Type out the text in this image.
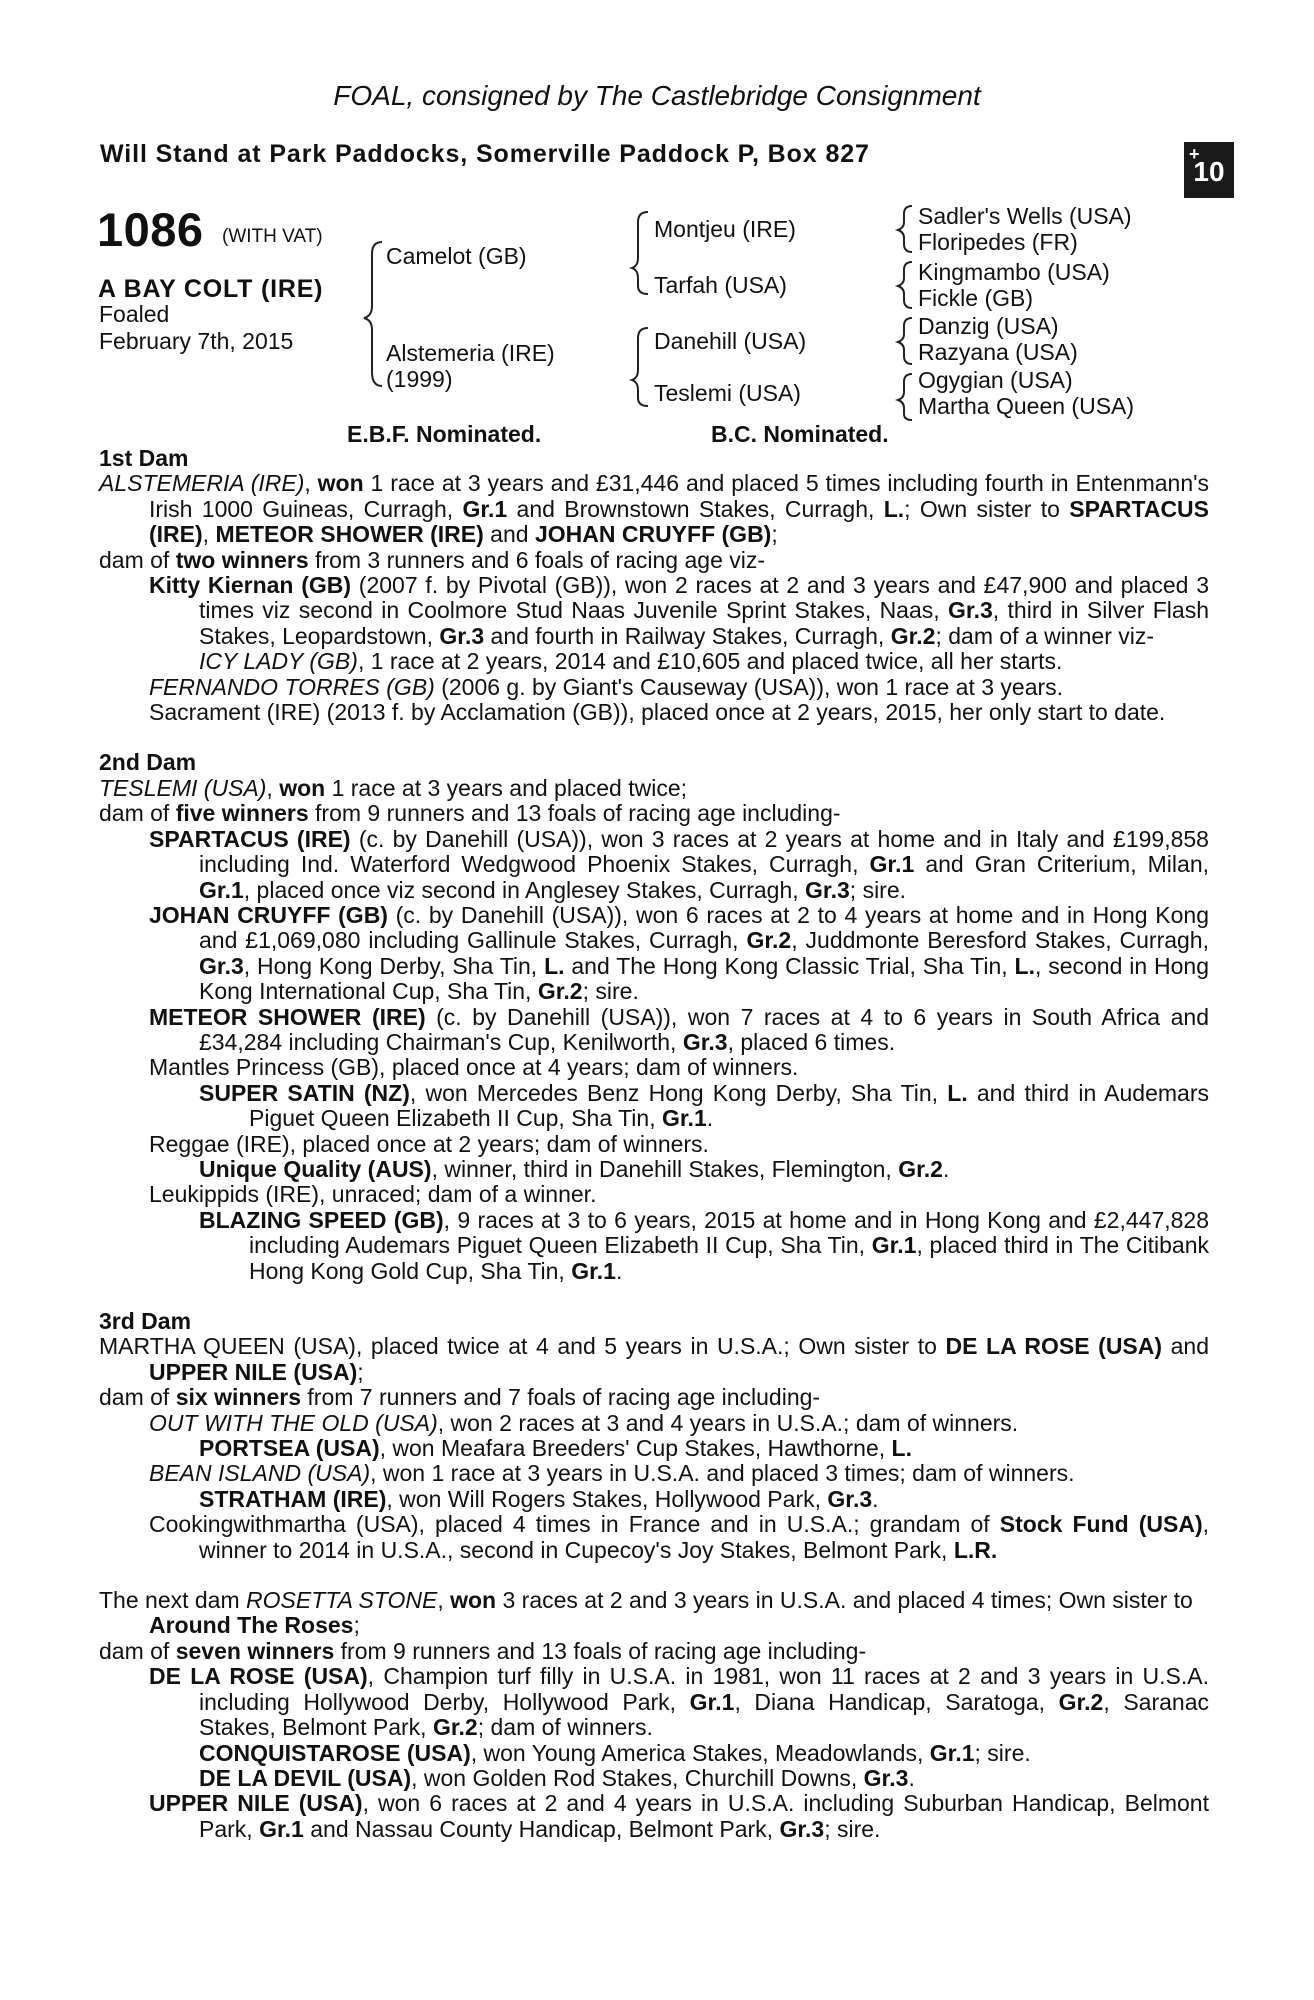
FOAL, consigned by The Castlebridge Consignment
Will Stand at Park Paddocks, Somerville Paddock P, Box 827	+
10
1086 (WITH VAT)
A BAY COLT (IRE)
Foaled
February 7th, 2015
Camelot (GB)
Alstemeria (IRE)
(1999)
Montjeu (IRE)
Tarfah (USA)
Danehill (USA)
Teslemi (USA)
Sadler's Wells (USA)
Floripedes (FR)
Kingmambo (USA)
Fickle (GB)
Danzig (USA)
Razyana (USA)
Ogygian (USA)
Martha Queen (USA)
E.B.F. Nominated.	B.C. Nominated.

1st Dam

ALSTEMERIA (IRE), won 1 race at 3 years and £31,446 and placed 5 times including fourth in Entenmann's Irish 1000 Guineas, Curragh, Gr.1 and Brownstown Stakes, Curragh, L.; Own sister to SPARTACUS (IRE), METEOR SHOWER (IRE) and JOHAN CRUYFF (GB);

dam of two winners from 3 runners and 6 foals of racing age viz-

Kitty Kiernan (GB) (2007 f. by Pivotal (GB)), won 2 races at 2 and 3 years and £47,900 and placed 3 times viz second in Coolmore Stud Naas Juvenile Sprint Stakes, Naas, Gr.3, third in Silver Flash Stakes, Leopardstown, Gr.3 and fourth in Railway Stakes, Curragh, Gr.2; dam of a winner viz-

ICY LADY (GB), 1 race at 2 years, 2014 and £10,605 and placed twice, all her starts.

FERNANDO TORRES (GB) (2006 g. by Giant's Causeway (USA)), won 1 race at 3 years.

Sacrament (IRE) (2013 f. by Acclamation (GB)), placed once at 2 years, 2015, her only start to date.

2nd Dam

TESLEMI (USA), won 1 race at 3 years and placed twice;

dam of five winners from 9 runners and 13 foals of racing age including-

SPARTACUS (IRE) (c. by Danehill (USA)), won 3 races at 2 years at home and in Italy and £199,858 including Ind. Waterford Wedgwood Phoenix Stakes, Curragh, Gr.1 and Gran Criterium, Milan, Gr.1, placed once viz second in Anglesey Stakes, Curragh, Gr.3; sire.

JOHAN CRUYFF (GB) (c. by Danehill (USA)), won 6 races at 2 to 4 years at home and in Hong Kong and £1,069,080 including Gallinule Stakes, Curragh, Gr.2, Juddmonte Beresford Stakes, Curragh, Gr.3, Hong Kong Derby, Sha Tin, L. and The Hong Kong Classic Trial, Sha Tin, L., second in Hong Kong International Cup, Sha Tin, Gr.2; sire.

METEOR SHOWER (IRE) (c. by Danehill (USA)), won 7 races at 4 to 6 years in South Africa and £34,284 including Chairman's Cup, Kenilworth, Gr.3, placed 6 times.

Mantles Princess (GB), placed once at 4 years; dam of winners.

SUPER SATIN (NZ), won Mercedes Benz Hong Kong Derby, Sha Tin, L. and third in Audemars Piguet Queen Elizabeth II Cup, Sha Tin, Gr.1.

Reggae (IRE), placed once at 2 years; dam of winners.

Unique Quality (AUS), winner, third in Danehill Stakes, Flemington, Gr.2.

Leukippids (IRE), unraced; dam of a winner.

BLAZING SPEED (GB), 9 races at 3 to 6 years, 2015 at home and in Hong Kong and £2,447,828 including Audemars Piguet Queen Elizabeth II Cup, Sha Tin, Gr.1, placed third in The Citibank Hong Kong Gold Cup, Sha Tin, Gr.1.

3rd Dam

MARTHA QUEEN (USA), placed twice at 4 and 5 years in U.S.A.; Own sister to DE LA ROSE (USA) and UPPER NILE (USA);

dam of six winners from 7 runners and 7 foals of racing age including-

OUT WITH THE OLD (USA), won 2 races at 3 and 4 years in U.S.A.; dam of winners.

PORTSEA (USA), won Meafara Breeders' Cup Stakes, Hawthorne, L.

BEAN ISLAND (USA), won 1 race at 3 years in U.S.A. and placed 3 times; dam of winners.

STRATHAM (IRE), won Will Rogers Stakes, Hollywood Park, Gr.3.

Cookingwithmartha (USA), placed 4 times in France and in U.S.A.; grandam of Stock Fund (USA), winner to 2014 in U.S.A., second in Cupecoy's Joy Stakes, Belmont Park, L.R.

The next dam ROSETTA STONE, won 3 races at 2 and 3 years in U.S.A. and placed 4 times; Own sister to Around The Roses;

dam of seven winners from 9 runners and 13 foals of racing age including-

DE LA ROSE (USA), Champion turf filly in U.S.A. in 1981, won 11 races at 2 and 3 years in U.S.A. including Hollywood Derby, Hollywood Park, Gr.1, Diana Handicap, Saratoga, Gr.2, Saranac Stakes, Belmont Park, Gr.2; dam of winners.

CONQUISTAROSE (USA), won Young America Stakes, Meadowlands, Gr.1; sire.

DE LA DEVIL (USA), won Golden Rod Stakes, Churchill Downs, Gr.3.

UPPER NILE (USA), won 6 races at 2 and 4 years in U.S.A. including Suburban Handicap, Belmont Park, Gr.1 and Nassau County Handicap, Belmont Park, Gr.3; sire.
